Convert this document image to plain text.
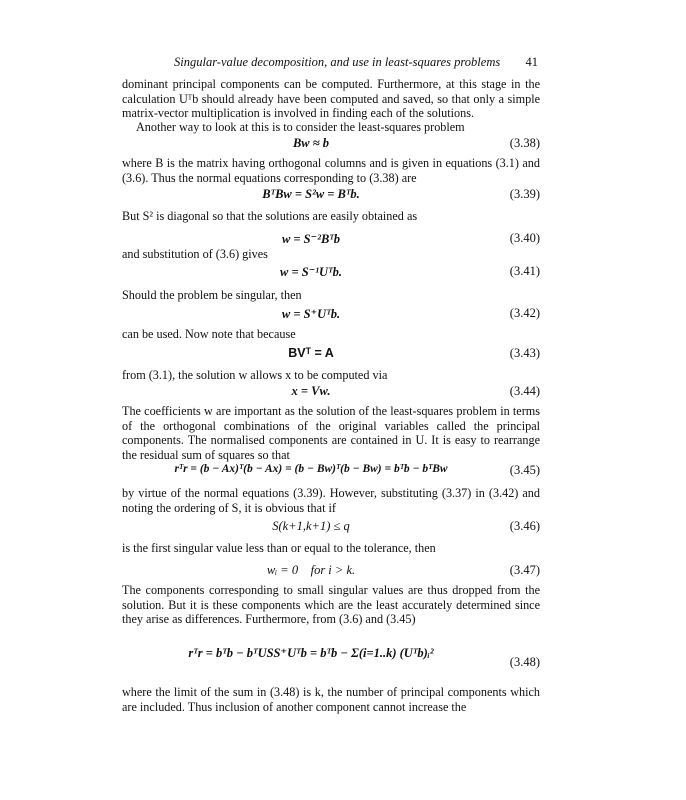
Singular-value decomposition, and use in least-squares problems 41
dominant principal components can be computed. Furthermore, at this stage in the calculation Uᵀb should already have been computed and saved, so that only a simple matrix-vector multiplication is involved in finding each of the solutions.
Another way to look at this is to consider the least-squares problem
Bw ≈ b	(3.38)
where B is the matrix having orthogonal columns and is given in equations (3.1) and (3.6). Thus the normal equations corresponding to (3.38) are
BᵀBw = S²w = Bᵀb.	(3.39)
But S² is diagonal so that the solutions are easily obtained as
w = S⁻²Bᵀb	(3.40)
and substitution of (3.6) gives
w = S⁻¹Uᵀb.	(3.41)
Should the problem be singular, then
w = S⁺Uᵀb.	(3.42)
can be used. Now note that because
BVᵀ = A	(3.43)
from (3.1), the solution w allows x to be computed via
x = Vw.	(3.44)
The coefficients w are important as the solution of the least-squares problem in terms of the orthogonal combinations of the original variables called the principal components. The normalised components are contained in U. It is easy to rearrange the residual sum of squares so that
rᵀr = (b − Ax)ᵀ(b − Ax) = (b − Bw)ᵀ(b − Bw) = bᵀb − bᵀBw	(3.45)
by virtue of the normal equations (3.39). However, substituting (3.37) in (3.42) and noting the ordering of S, it is obvious that if
S(k+1,k+1) ≤ q	(3.46)
is the first singular value less than or equal to the tolerance, then
wᵢ = 0    for i > k.	(3.47)
The components corresponding to small singular values are thus dropped from the solution. But it is these components which are the least accurately determined since they arise as differences. Furthermore, from (3.6) and (3.45)
rᵀr = bᵀb − bᵀUSS⁺Uᵀb = bᵀb − Σ(i=1..k) (Uᵀb)ᵢ²
(3.48)
where the limit of the sum in (3.48) is k, the number of principal components which are included. Thus inclusion of another component cannot increase the
